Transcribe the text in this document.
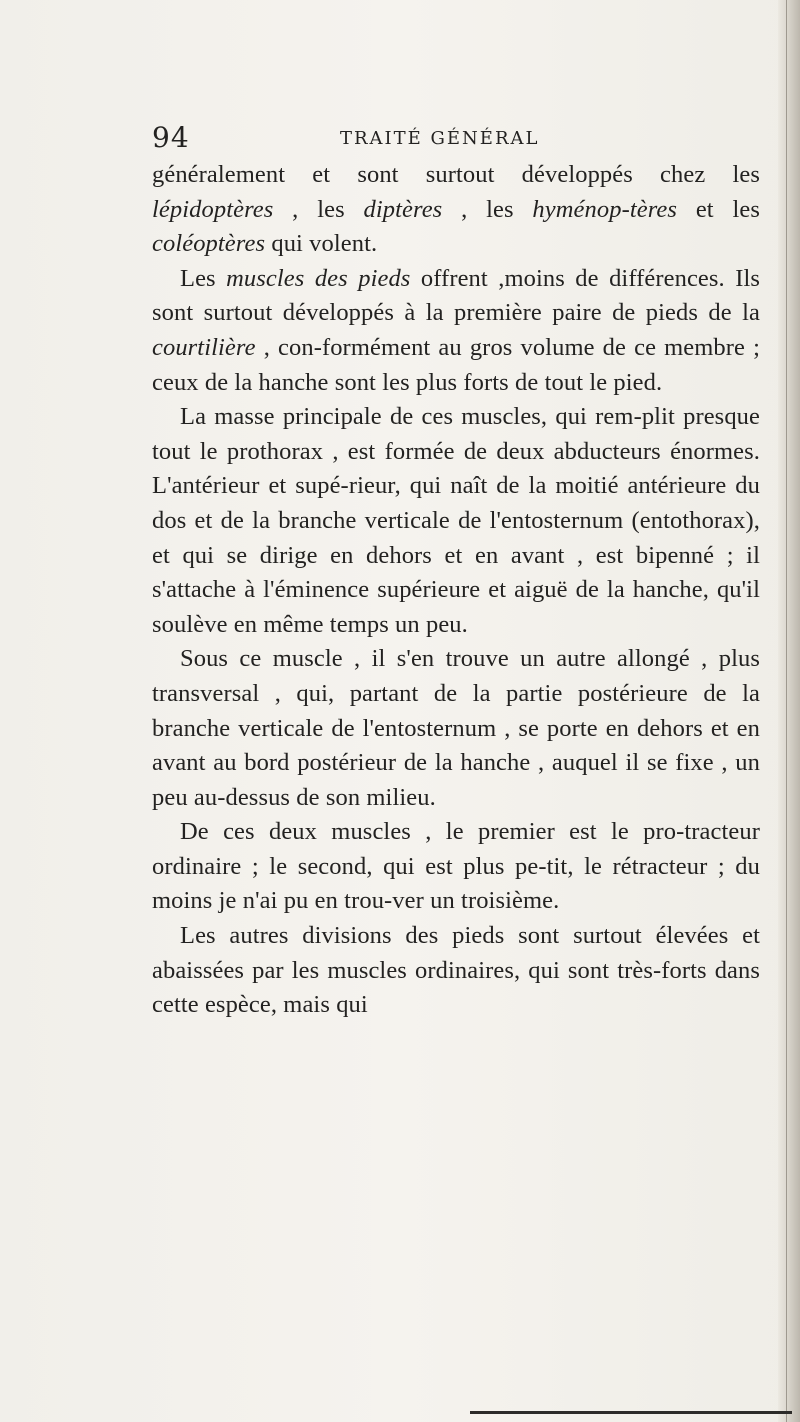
94	TRAITÉ GÉNÉRAL

généralement et sont surtout développés chez les lépidoptères , les diptères , les hyménop-tères et les coléoptères qui volent.

Les muscles des pieds offrent ,moins de différences. Ils sont surtout développés à la première paire de pieds de la courtilière , con-formément au gros volume de ce membre ; ceux de la hanche sont les plus forts de tout le pied.

La masse principale de ces muscles, qui rem-plit presque tout le prothorax , est formée de deux abducteurs énormes. L'antérieur et supé-rieur, qui naît de la moitié antérieure du dos et de la branche verticale de l'entosternum (entothorax), et qui se dirige en dehors et en avant , est bipenné ; il s'attache à l'éminence supérieure et aiguë de la hanche, qu'il soulève en même temps un peu.

Sous ce muscle , il s'en trouve un autre allongé , plus transversal , qui, partant de la partie postérieure de la branche verticale de l'entosternum , se porte en dehors et en avant au bord postérieur de la hanche , auquel il se fixe , un peu au-dessus de son milieu.

De ces deux muscles , le premier est le pro-tracteur ordinaire ; le second, qui est plus pe-tit, le rétracteur ; du moins je n'ai pu en trou-ver un troisième.

Les autres divisions des pieds sont surtout élevées et abaissées par les muscles ordinaires, qui sont très-forts dans cette espèce, mais qui
